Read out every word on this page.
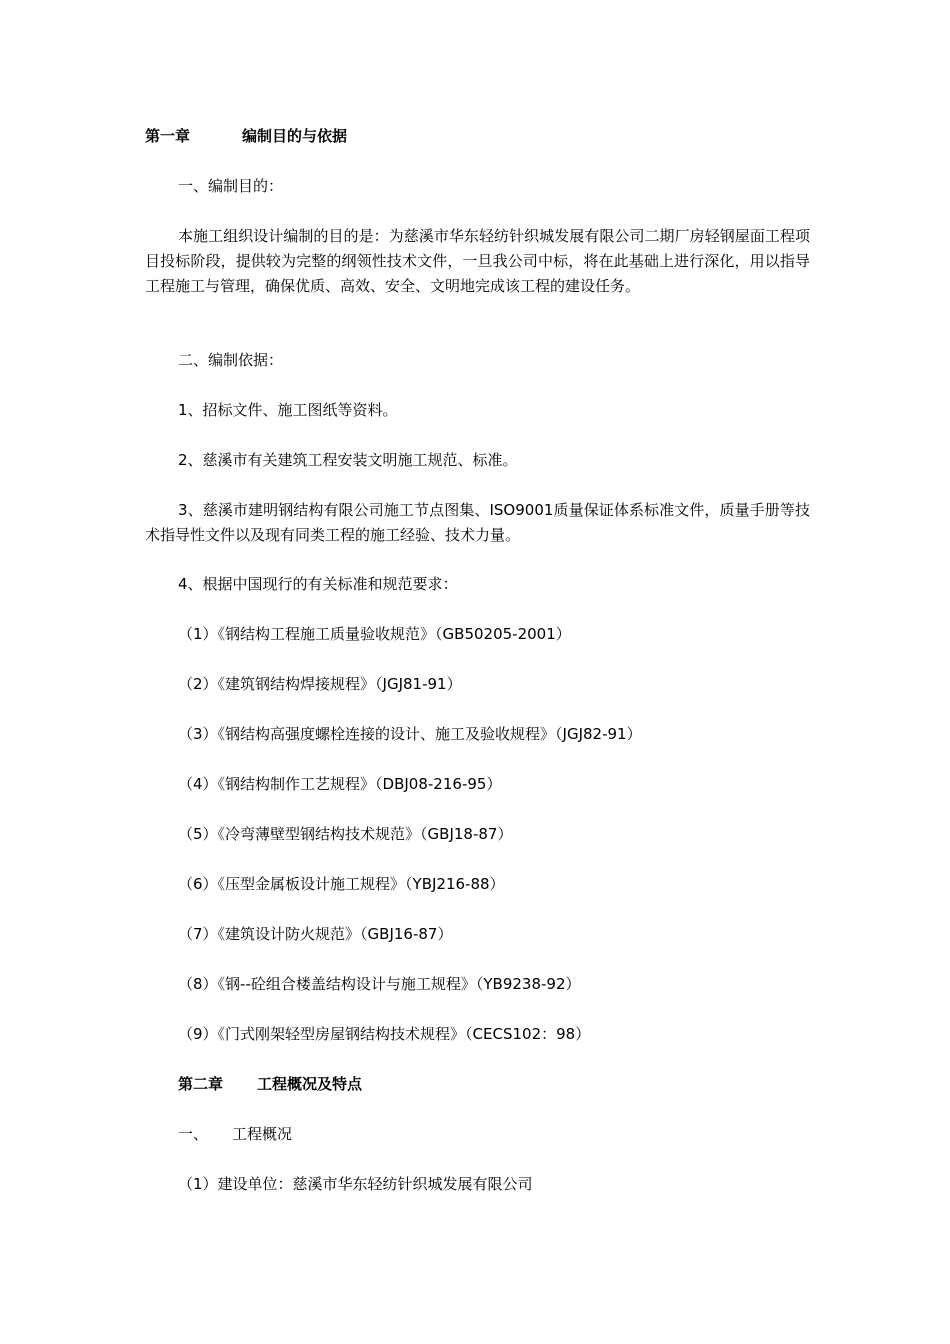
第一章	编制目的与依据
一、编制目的：
本施工组织设计编制的目的是：为慈溪市华东轻纺针织城发展有限公司二期厂房轻钢屋面工程项目投标阶段，提供较为完整的纲领性技术文件，一旦我公司中标，将在此基础上进行深化，用以指导工程施工与管理，确保优质、高效、安全、文明地完成该工程的建设任务。
二、编制依据：
1、招标文件、施工图纸等资料。
2、慈溪市有关建筑工程安装文明施工规范、标准。
3、慈溪市建明钢结构有限公司施工节点图集、ISO9001质量保证体系标准文件，质量手册等技术指导性文件以及现有同类工程的施工经验、技术力量。
4、根据中国现行的有关标准和规范要求：
（1）《钢结构工程施工质量验收规范》（GB50205-2001）
（2）《建筑钢结构焊接规程》（JGJ81-91）
（3）《钢结构高强度螺栓连接的设计、施工及验收规程》（JGJ82-91）
（4）《钢结构制作工艺规程》（DBJ08-216-95）
（5）《冷弯薄壁型钢结构技术规范》（GBJ18-87）
（6）《压型金属板设计施工规程》（YBJ216-88）
（7）《建筑设计防火规范》（GBJ16-87）
（8）《钢--砼组合楼盖结构设计与施工规程》（YB9238-92）
（9）《门式刚架轻型房屋钢结构技术规程》（CECS102：98）
第二章 工程概况及特点
一、 工程概况
（1）建设单位：慈溪市华东轻纺针织城发展有限公司
